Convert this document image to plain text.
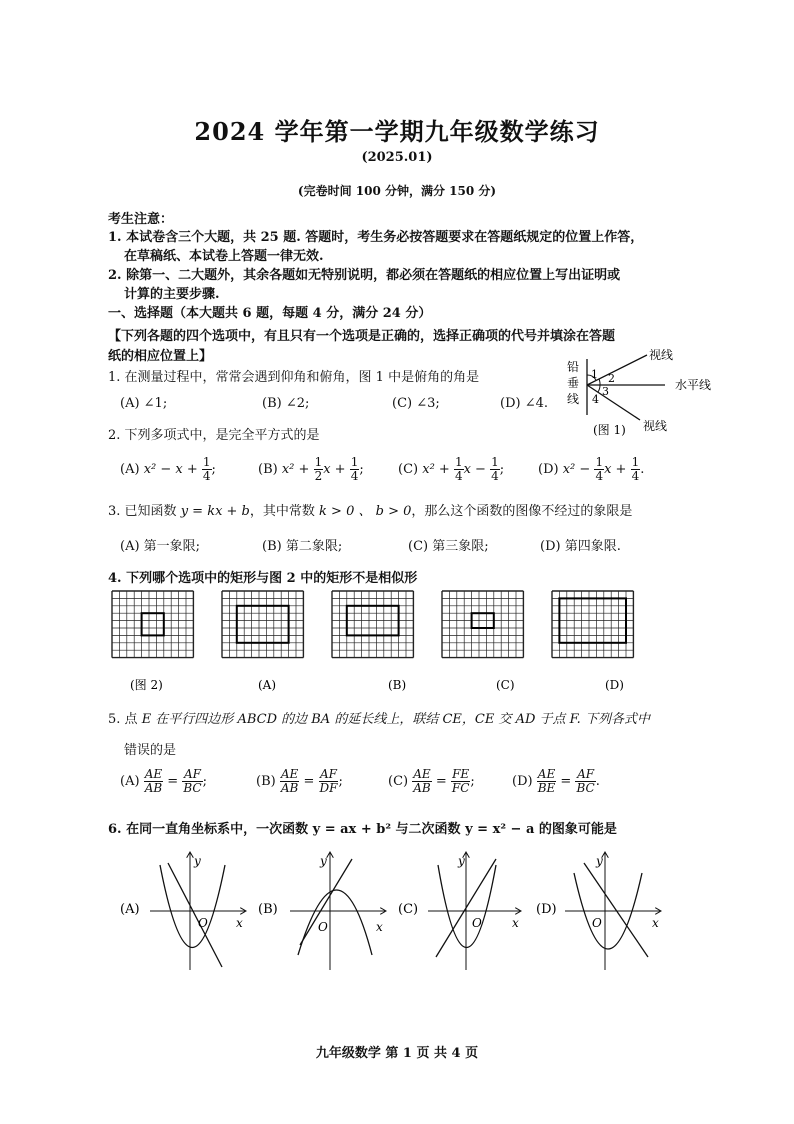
2024 学年第一学期九年级数学练习
(2025.01)
(完卷时间 100 分钟，满分 150 分)
考生注意：
1. 本试卷含三个大题，共 25 题. 答题时，考生务必按答题要求在答题纸规定的位置上作答，
在草稿纸、本试卷上答题一律无效.
2. 除第一、二大题外，其余各题如无特别说明，都必须在答题纸的相应位置上写出证明或
计算的主要步骤.
一、选择题（本大题共 6 题，每题 4 分，满分 24 分）
【下列各题的四个选项中，有且只有一个选项是正确的，选择正确项的代号并填涂在答题
纸的相应位置上】
1. 在测量过程中，常常会遇到仰角和俯角，图 1 中是俯角的角是
(A) ∠1;	(B) ∠2;	(C) ∠3;	(D) ∠4.
铅
垂
线
1 2
3
4
视线
水平线
视线
(图 1)
2. 下列多项式中，是完全平方式的是
(A) $x^2 - x + \frac{1}{4}$ ;	(B) $x^2 + \frac{1}{2}$ $x + \frac{1}{4}$ ;	(C) $x^2 + \frac{1}{4}$ $x - \frac{1}{4}$ ;	(D) $x^2 - \frac{1}{4}$ $x + \frac{1}{4}$ .
3. 已知函数 y = kx + b，其中常数 k > 0 、 b > 0，那么这个函数的图像不经过的象限是
(A) 第一象限;	(B) 第二象限;	(C) 第三象限;	(D) 第四象限.
4. 下列哪个选项中的矩形与图 2 中的矩形不是相似形
(图 2)	(A)	(B)	(C)	(D)
5. 点 E 在平行四边形 ABCD 的边 BA 的延长线上，联结 CE，CE 交 AD 于点 F. 下列各式中
错误的是
$(A) \frac{AE}{AB} = \frac{AF}{BC}$ ;	$(B) \frac{AE}{AB} = \frac{AF}{DF}$ ;	$(C) \frac{AE}{AB} = \frac{FE}{FC}$ ;	$(D) \frac{AE}{BE} = \frac{AF}{BC}$ .
6. 在同一直角坐标系中，一次函数 y = ax + b² 与二次函数 y = x² − a 的图象可能是
(A)
O x
y
(B)
O	x
y
(C)
O	x
y
(D)
O	x
y
九年级数学 第 1 页 共 4 页
